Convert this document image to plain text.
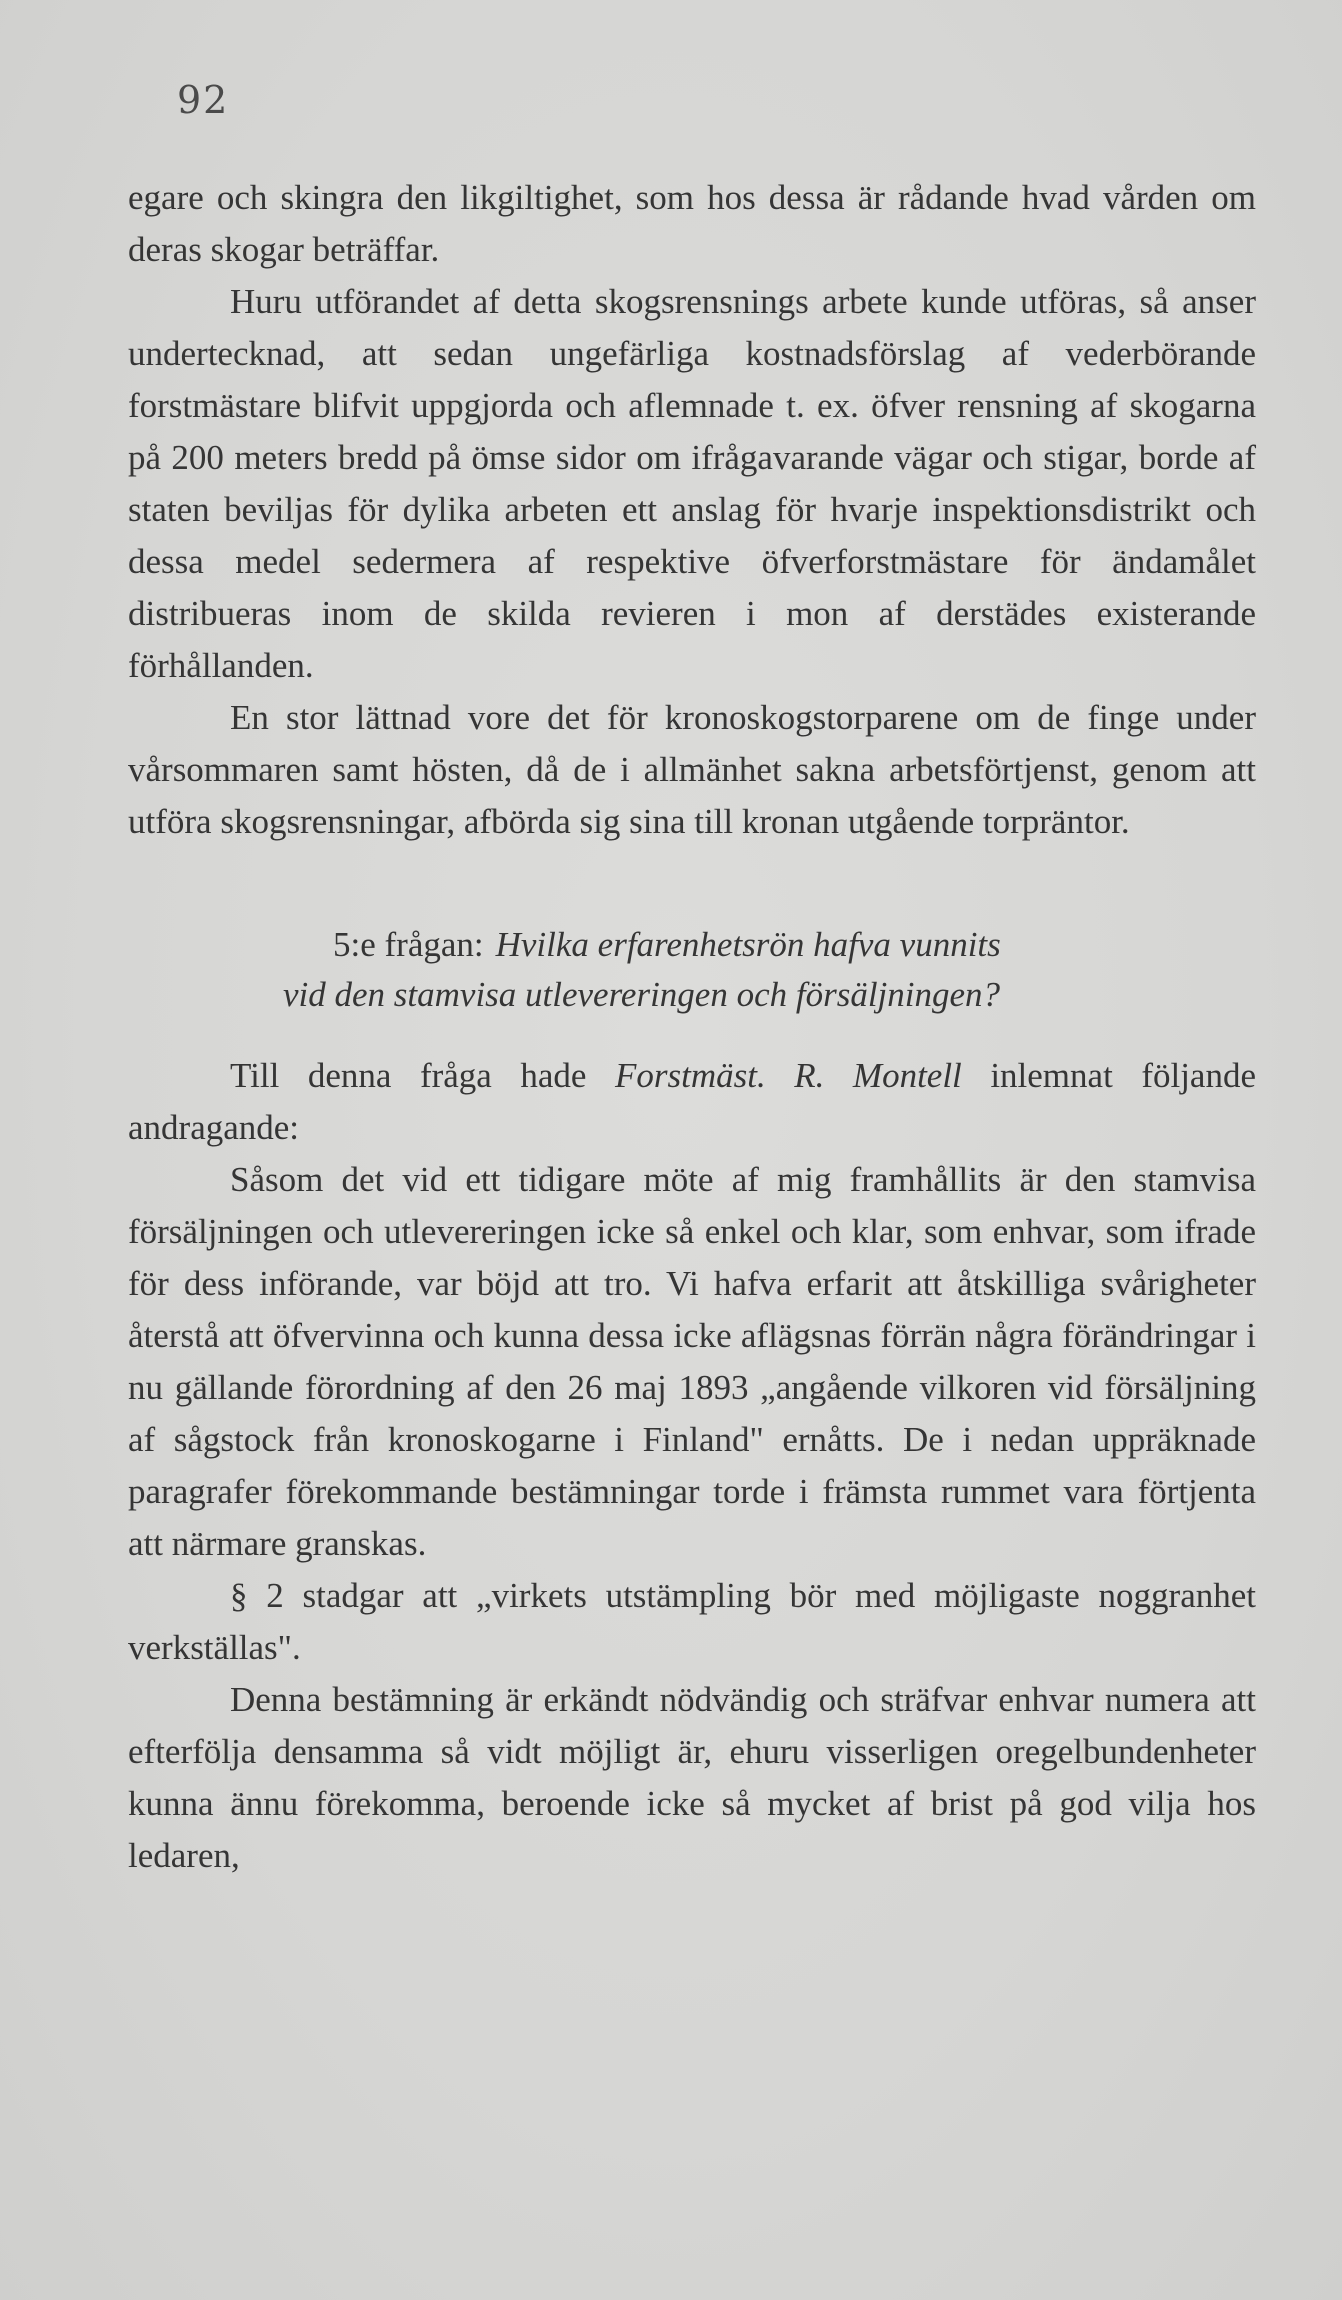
92

egare och skingra den likgiltighet, som hos dessa är rådande hvad vården om deras skogar beträffar.

Huru utförandet af detta skogsrensnings arbete kunde utföras, så anser undertecknad, att sedan ungefärliga kostnadsförslag af vederbörande forstmästare blifvit uppgjorda och aflemnade t. ex. öfver rensning af skogarna på 200 meters bredd på ömse sidor om ifrågavarande vägar och stigar, borde af staten beviljas för dylika arbeten ett anslag för hvarje inspektionsdistrikt och dessa medel sedermera af respektive öfverforstmästare för ändamålet distribueras inom de skilda revieren i mon af derstädes existerande förhållanden.

En stor lättnad vore det för kronoskogstorparene om de finge under vårsommaren samt hösten, då de i allmänhet sakna arbetsförtjenst, genom att utföra skogsrensningar, afbörda sig sina till kronan utgående torpräntor.

5:e frågan: Hvilka erfarenhetsrön hafva vunnits
vid den stamvisa utlevereringen och försäljningen?

Till denna fråga hade Forstmäst. R. Montell inlemnat följande andragande:

Såsom det vid ett tidigare möte af mig framhållits är den stamvisa försäljningen och utlevereringen icke så enkel och klar, som enhvar, som ifrade för dess införande, var böjd att tro. Vi hafva erfarit att åtskilliga svårigheter återstå att öfvervinna och kunna dessa icke aflägsnas förrän några förändringar i nu gällande förordning af den 26 maj 1893 „angående vilkoren vid försäljning af sågstock från kronoskogarne i Finland" ernåtts. De i nedan uppräknade paragrafer förekommande bestämningar torde i främsta rummet vara förtjenta att närmare granskas.

§ 2 stadgar att „virkets utstämpling bör med möjligaste noggranhet verkställas".

Denna bestämning är erkändt nödvändig och sträfvar enhvar numera att efterfölja densamma så vidt möjligt är, ehuru visserligen oregelbundenheter kunna ännu förekomma, beroende icke så mycket af brist på god vilja hos ledaren,
